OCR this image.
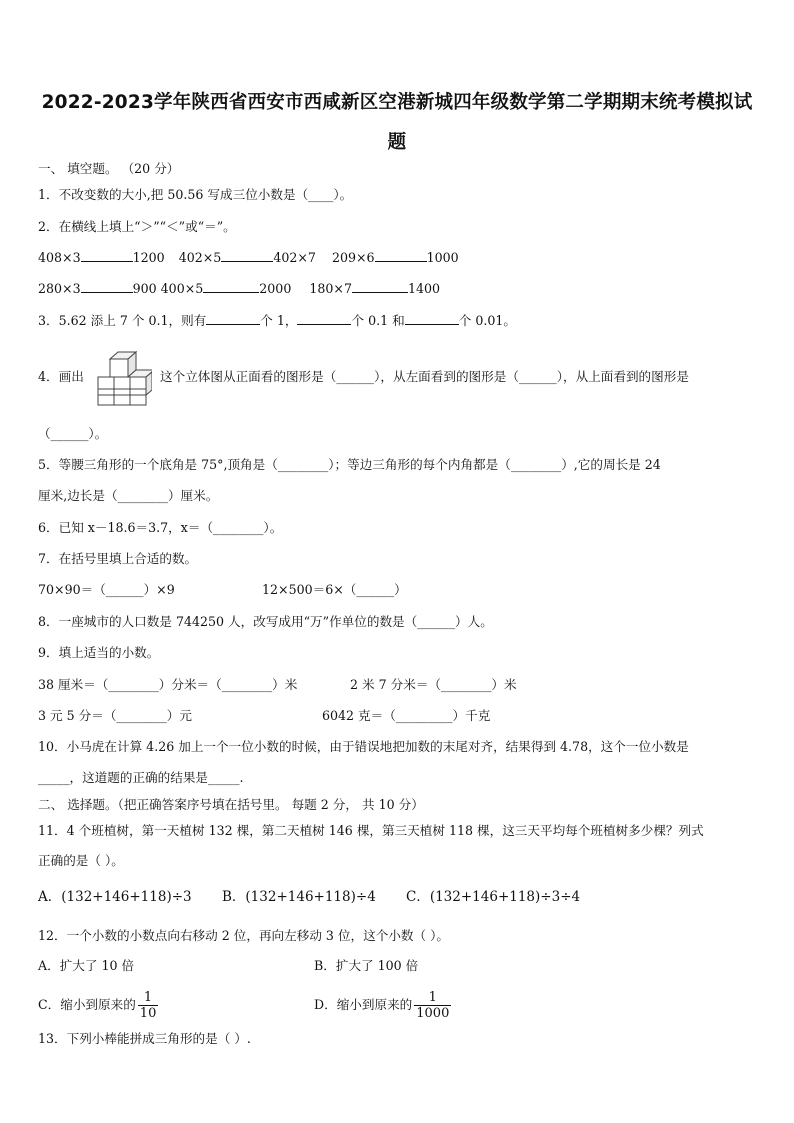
2022-2023学年陕西省西安市西咸新区空港新城四年级数学第二学期期末统考模拟试
题
一、 填空题。 （20 分）
1．不改变数的大小,把 50.56 写成三位小数是（____）。
2．在横线上填上“＞”“＜”或“＝”。
408×3	1200 402×5	402×7 209×6	1000
280×3	900 400×5	2000 180×7	1400
3．5.62 添上 7 个 0.1，则有	个 1，	个 0.1 和	个 0.01。
4．画出	这个立体图从正面看的图形是（______），从左面看到的图形是（______），从上面看到的图形是
（______）。
5．等腰三角形的一个底角是 75°,顶角是（________）；等边三角形的每个内角都是（________）,它的周长是 24
厘米,边长是（________）厘米。
6．已知 x－18.6＝3.7，x＝（________）。
7．在括号里填上合适的数。
70×90＝（______）×9	12×500＝6×（______）
8．一座城市的人口数是 744250 人，改写成用“万”作单位的数是（______）人。
9．填上适当的小数。
38 厘米＝（________）分米＝（________）米	2 米 7 分米＝（________）米
3 元 5 分＝（________）元	6042 克＝（_________）千克
10．小马虎在计算 4.26 加上一个一位小数的时候，由于错误地把加数的末尾对齐，结果得到 4.78，这个一位小数是
_____，这道题的正确的结果是_____.
二、 选择题。（把正确答案序号填在括号里。 每题 2 分， 共 10 分）
11．4 个班植树，第一天植树 132 棵，第二天植树 146 棵，第三天植树 118 棵，这三天平均每个班植树多少棵？列式
正确的是（ ）。
A．(132+146+118)÷3 B．(132+146+118)÷4 C．(132+146+118)÷3÷4
12．一个小数的小数点向右移动 2 位，再向左移动 3 位，这个小数（ ）。
A．扩大了 10 倍	B．扩大了 100 倍
C．缩小到原来的 $\frac{1}{10}$	D．缩小到原来的 $\frac{1}{1000}$
13．下列小棒能拼成三角形的是（ ）.
